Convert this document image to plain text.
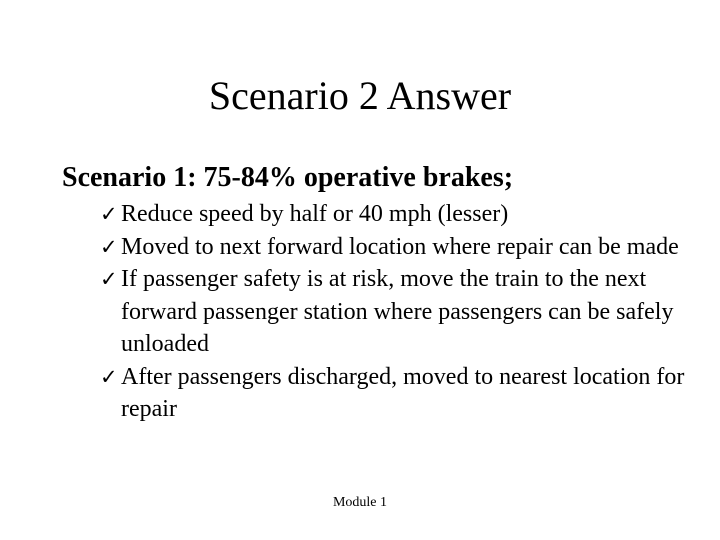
Scenario 2 Answer

Scenario 1: 75-84% operative brakes;

✓ Reduce speed by half or 40 mph (lesser)
✓ Moved to next forward location where repair can be made
✓ If passenger safety is at risk, move the train to the next forward passenger station where passengers can be safely unloaded
✓ After passengers discharged, moved to nearest location for repair

Module 1
